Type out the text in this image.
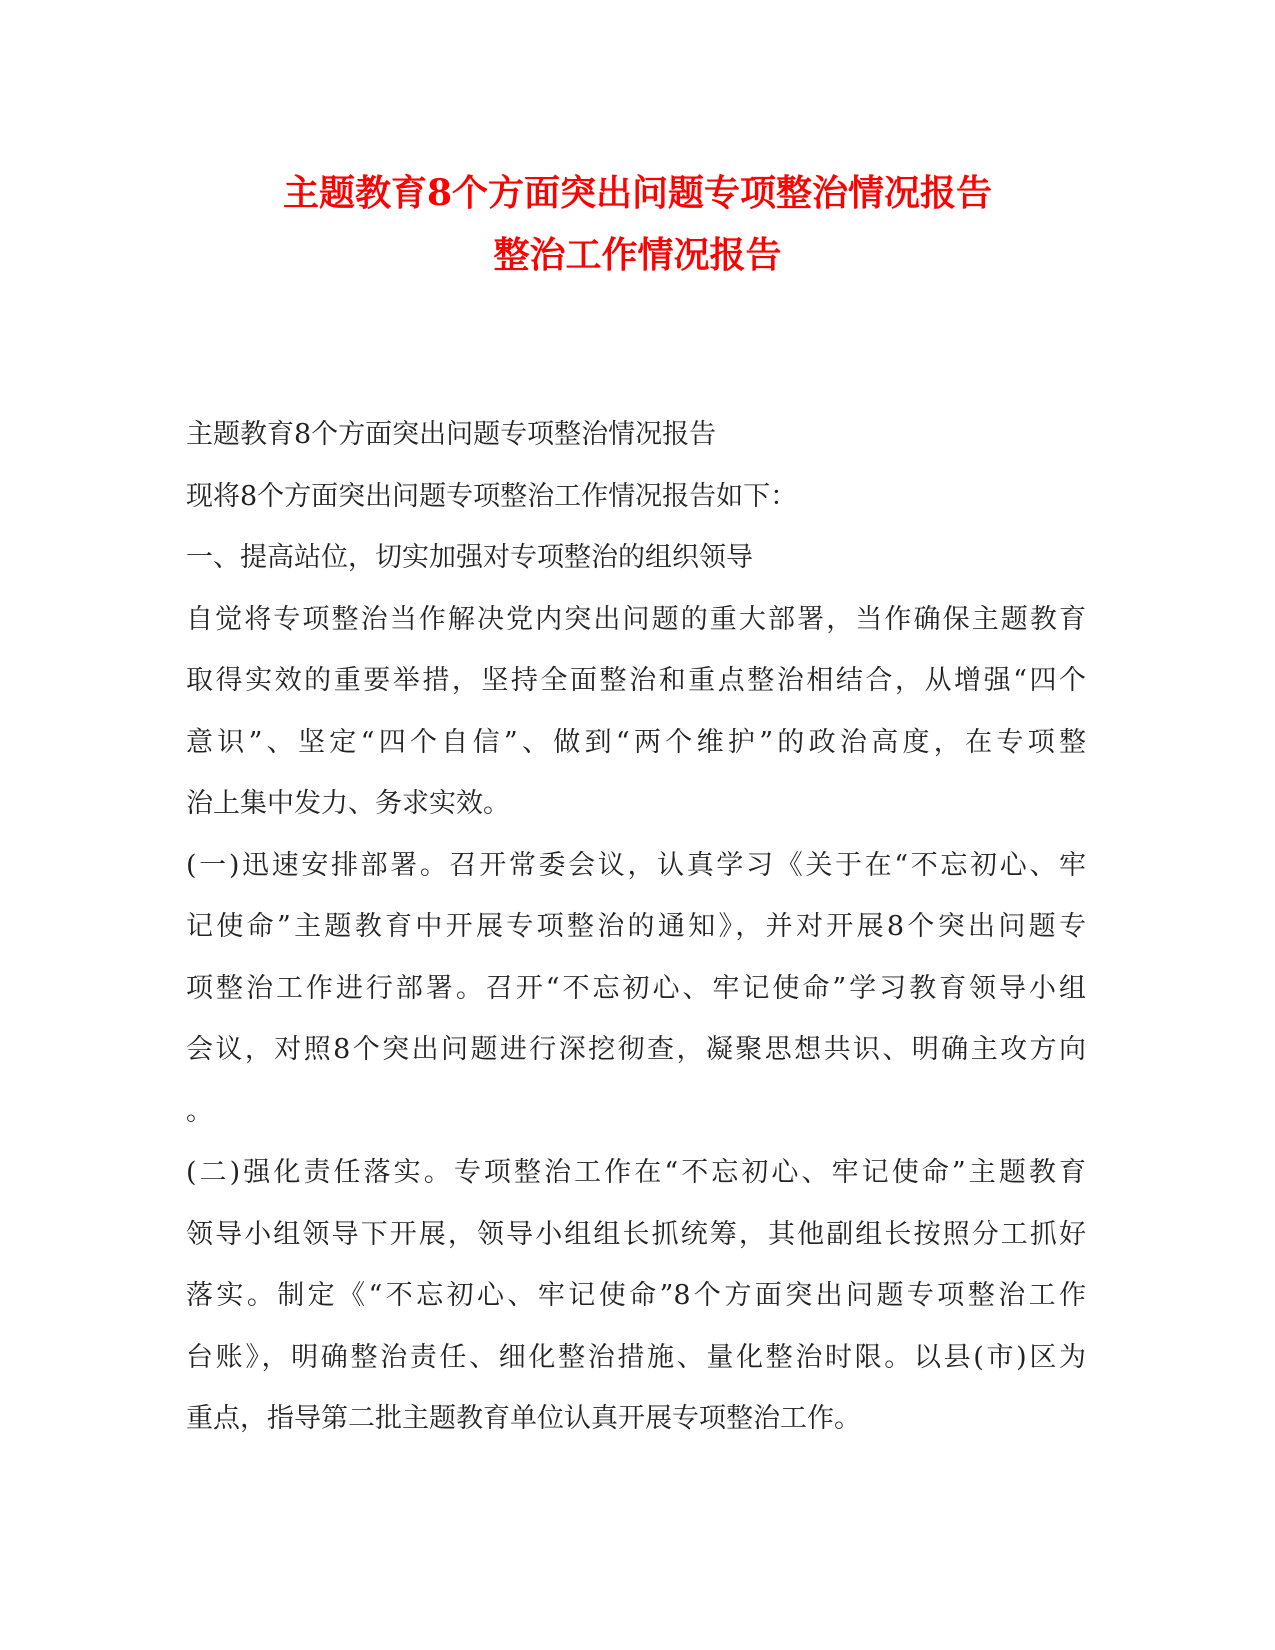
主题教育8个方面突出问题专项整治情况报告
整治工作情况报告
主题教育8个方面突出问题专项整治情况报告
现将8个方面突出问题专项整治工作情况报告如下：
一、提高站位，切实加强对专项整治的组织领导
自觉将专项整治当作解决党内突出问题的重大部署，当作确保主题教育
取得实效的重要举措，坚持全面整治和重点整治相结合，从增强“四个
意识”、坚定“四个自信”、做到“两个维护”的政治高度，在专项整
治上集中发力、务求实效。
(一)迅速安排部署。召开常委会议，认真学习《关于在“不忘初心、牢
记使命”主题教育中开展专项整治的通知》，并对开展8个突出问题专
项整治工作进行部署。召开“不忘初心、牢记使命”学习教育领导小组
会议，对照8个突出问题进行深挖彻查，凝聚思想共识、明确主攻方向
。
(二)强化责任落实。专项整治工作在“不忘初心、牢记使命”主题教育
领导小组领导下开展，领导小组组长抓统筹，其他副组长按照分工抓好
落实。制定《“不忘初心、牢记使命”8个方面突出问题专项整治工作
台账》，明确整治责任、细化整治措施、量化整治时限。以县(市)区为
重点，指导第二批主题教育单位认真开展专项整治工作。
